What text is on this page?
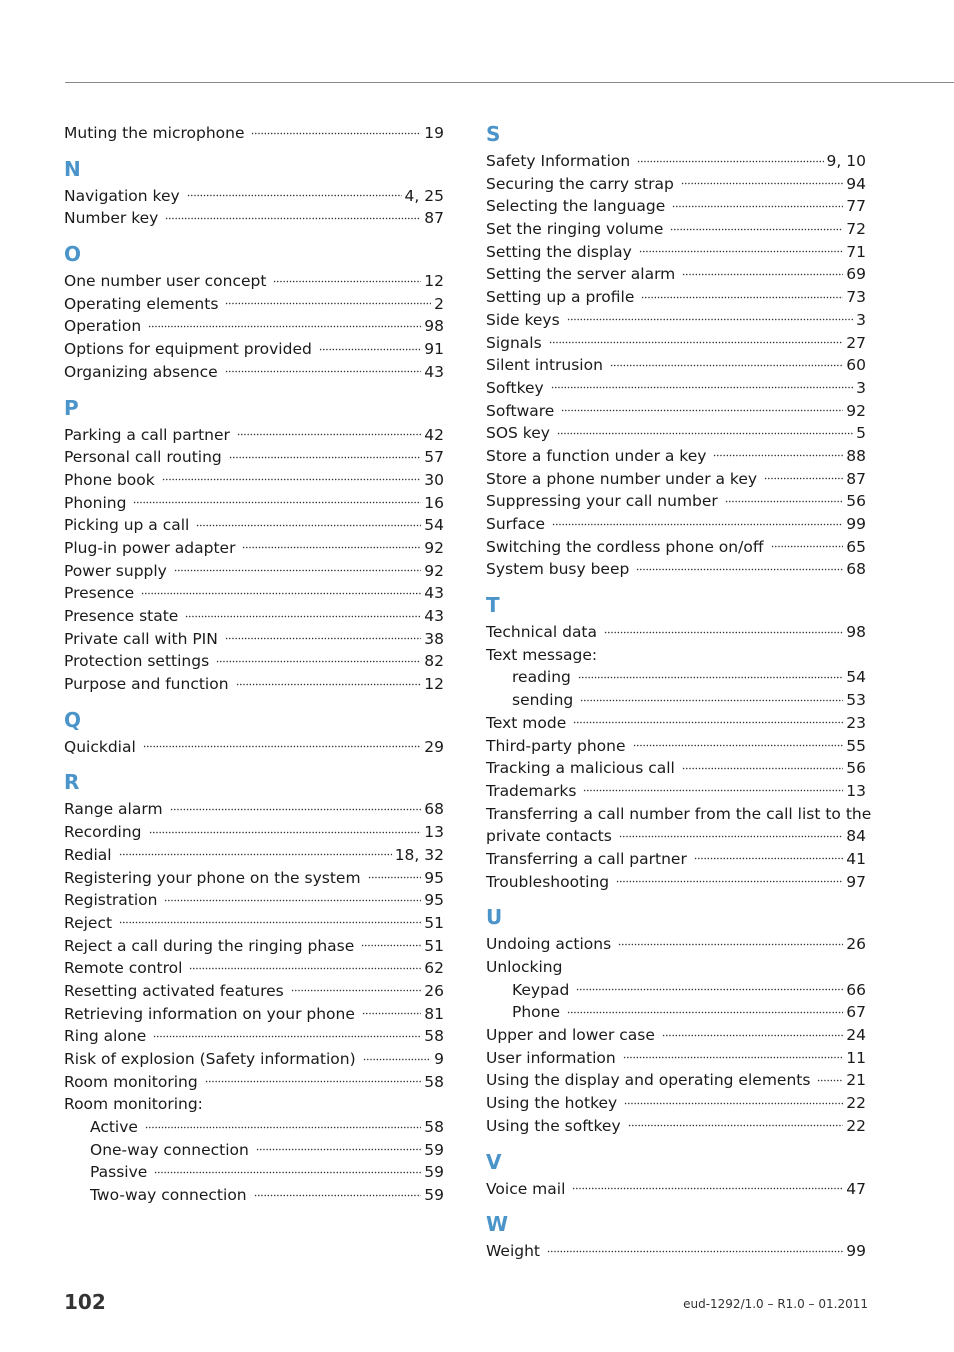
Muting the microphone	19
N
Navigation key	4, 25
Number key	87
O
One number user concept	12
Operating elements	2
Operation	98
Options for equipment provided	91
Organizing absence	43
P
Parking a call partner	42
Personal call routing	57
Phone book	30
Phoning	16
Picking up a call	54
Plug-in power adapter	92
Power supply	92
Presence	43
Presence state	43
Private call with PIN	38
Protection settings	82
Purpose and function	12
Q
Quickdial	29
R
Range alarm	68
Recording	13
Redial	18, 32
Registering your phone on the system	95
Registration	95
Reject	51
Reject a call during the ringing phase	51
Remote control	62
Resetting activated features	26
Retrieving information on your phone	81
Ring alone	58
Risk of explosion (Safety information)	9
Room monitoring	58
Room monitoring:
Active	58
One-way connection	59
Passive	59
Two-way connection	59
S
Safety Information	9, 10
Securing the carry strap	94
Selecting the language	77
Set the ringing volume	72
Setting the display	71
Setting the server alarm	69
Setting up a profile	73
Side keys	3
Signals	27
Silent intrusion	60
Softkey	3
Software	92
SOS key	5
Store a function under a key	88
Store a phone number under a key	87
Suppressing your call number	56
Surface	99
Switching the cordless phone on/off	65
System busy beep	68
T
Technical data	98
Text message:
reading	54
sending	53
Text mode	23
Third-party phone	55
Tracking a malicious call	56
Trademarks	13
Transferring a call number from the call list to the
private contacts	84
Transferring a call partner	41
Troubleshooting	97
U
Undoing actions	26
Unlocking
Keypad	66
Phone	67
Upper and lower case	24
User information	11
Using the display and operating elements 21
Using the hotkey	22
Using the softkey	22
V
Voice mail	47
W
Weight	99
102	eud-1292/1.0 – R1.0 – 01.2011
